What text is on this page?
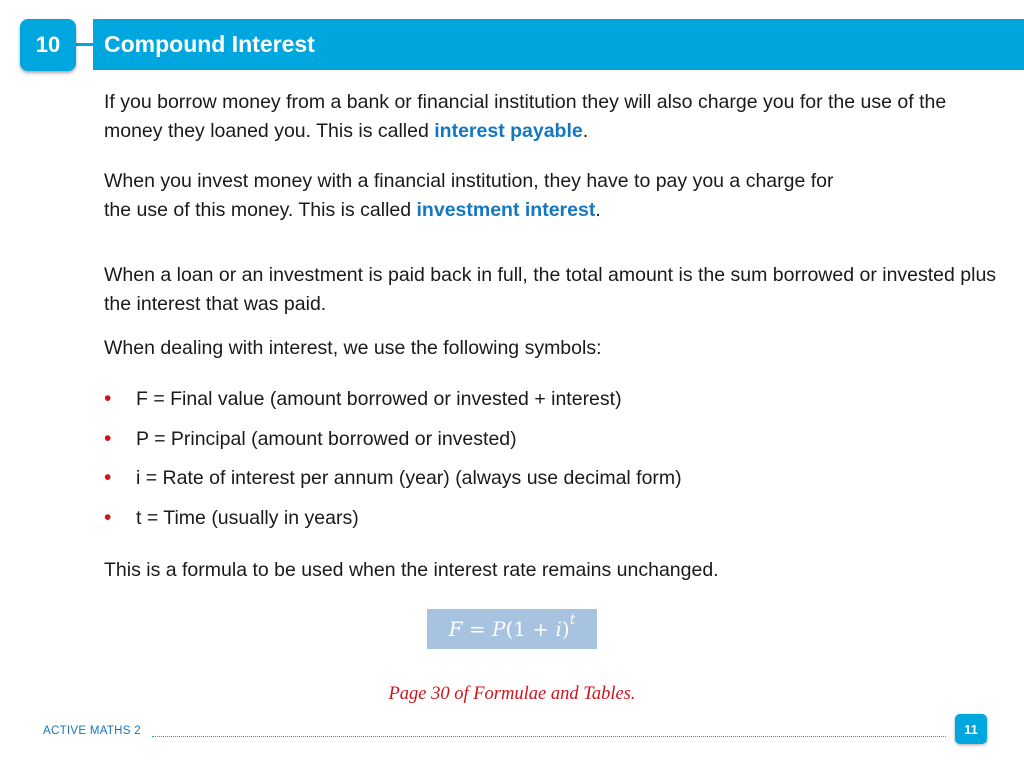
10	Compound Interest

If you borrow money from a bank or financial institution they will also charge you for the use of the money they loaned you. This is called interest payable.

When you invest money with a financial institution, they have to pay you a charge for the use of this money. This is called investment interest.

When a loan or an investment is paid back in full, the total amount is the sum borrowed or invested plus the interest that was paid.

When dealing with interest, we use the following symbols:

• F = Final value (amount borrowed or invested + interest)
• P = Principal (amount borrowed or invested)
• i = Rate of interest per annum (year) (always use decimal form)
• t = Time (usually in years)

This is a formula to be used when the interest rate remains unchanged.

𝐹 = 𝑃(1 + 𝑖)$^𝑡$
Page 30 of Formulae and Tables.
ACTIVE MATHS 2	11
